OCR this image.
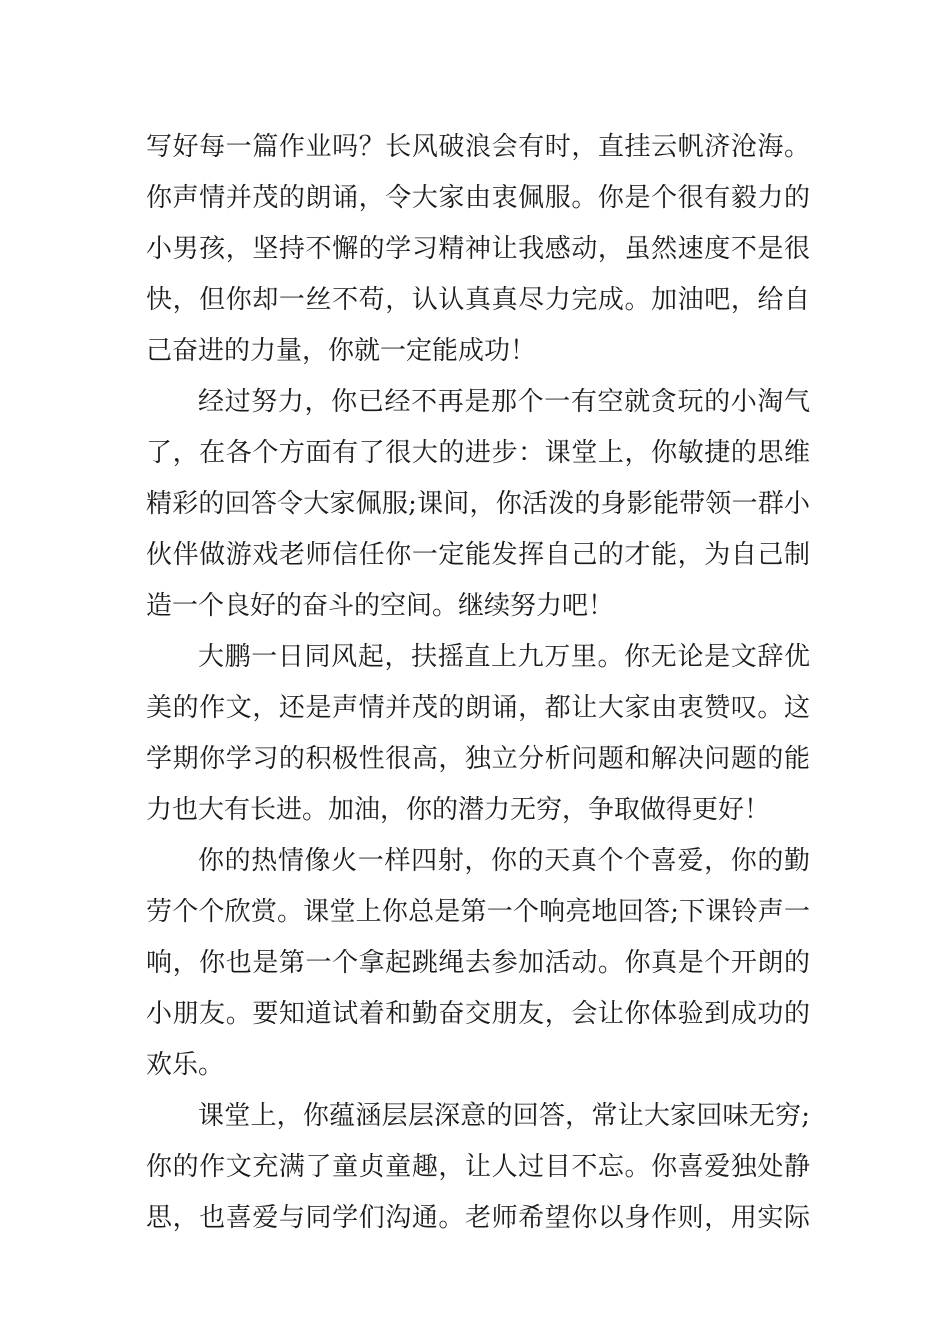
写好每一篇作业吗？长风破浪会有时，直挂云帆济沧海。
你声情并茂的朗诵，令大家由衷佩服。你是个很有毅力的
小男孩，坚持不懈的学习精神让我感动，虽然速度不是很
快，但你却一丝不苟，认认真真尽力完成。加油吧，给自
己奋进的力量，你就一定能成功！
经过努力，你已经不再是那个一有空就贪玩的小淘气
了，在各个方面有了很大的进步：课堂上，你敏捷的思维
精彩的回答令大家佩服;课间，你活泼的身影能带领一群小
伙伴做游戏老师信任你一定能发挥自己的才能，为自己制
造一个良好的奋斗的空间。继续努力吧！
大鹏一日同风起，扶摇直上九万里。你无论是文辞优
美的作文，还是声情并茂的朗诵，都让大家由衷赞叹。这
学期你学习的积极性很高，独立分析问题和解决问题的能
力也大有长进。加油，你的潜力无穷，争取做得更好！
你的热情像火一样四射，你的天真个个喜爱，你的勤
劳个个欣赏。课堂上你总是第一个响亮地回答;下课铃声一
响，你也是第一个拿起跳绳去参加活动。你真是个开朗的
小朋友。要知道试着和勤奋交朋友，会让你体验到成功的
欢乐。
课堂上，你蕴涵层层深意的回答，常让大家回味无穷;
你的作文充满了童贞童趣，让人过目不忘。你喜爱独处静
思，也喜爱与同学们沟通。老师希望你以身作则，用实际
